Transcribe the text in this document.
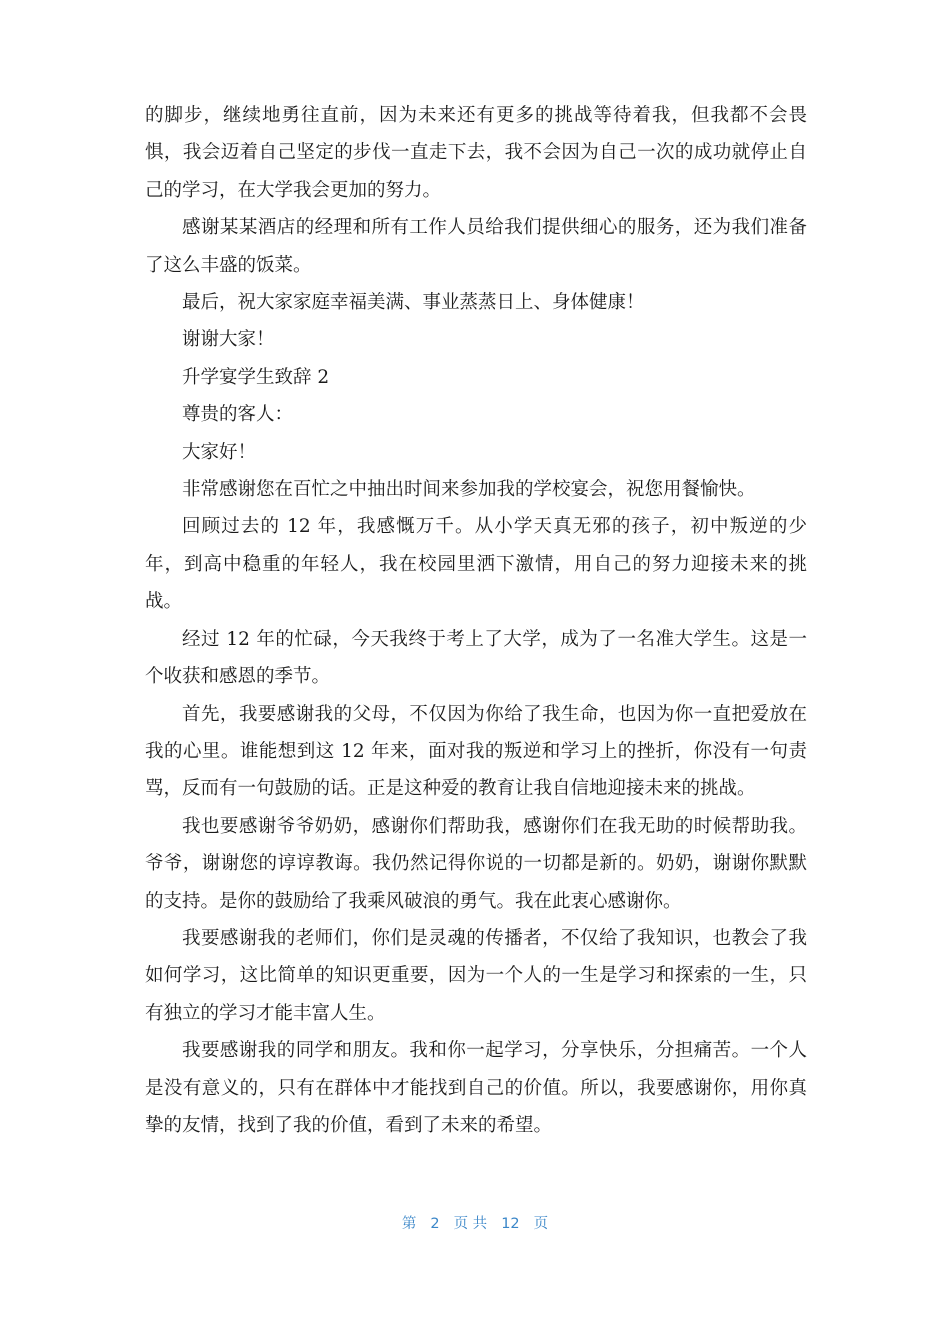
的脚步，继续地勇往直前，因为未来还有更多的挑战等待着我，但我都不会畏惧，我会迈着自己坚定的步伐一直走下去，我不会因为自己一次的成功就停止自己的学习，在大学我会更加的努力。

感谢某某酒店的经理和所有工作人员给我们提供细心的服务，还为我们准备了这么丰盛的饭菜。

最后，祝大家家庭幸福美满、事业蒸蒸日上、身体健康！

谢谢大家！

升学宴学生致辞 2

尊贵的客人：

大家好！

非常感谢您在百忙之中抽出时间来参加我的学校宴会，祝您用餐愉快。

回顾过去的 12 年，我感慨万千。从小学天真无邪的孩子，初中叛逆的少年，到高中稳重的年轻人，我在校园里洒下激情，用自己的努力迎接未来的挑战。

经过 12 年的忙碌，今天我终于考上了大学，成为了一名准大学生。这是一个收获和感恩的季节。

首先，我要感谢我的父母，不仅因为你给了我生命，也因为你一直把爱放在我的心里。谁能想到这 12 年来，面对我的叛逆和学习上的挫折，你没有一句责骂，反而有一句鼓励的话。正是这种爱的教育让我自信地迎接未来的挑战。

我也要感谢爷爷奶奶，感谢你们帮助我，感谢你们在我无助的时候帮助我。爷爷，谢谢您的谆谆教诲。我仍然记得你说的一切都是新的。奶奶，谢谢你默默的支持。是你的鼓励给了我乘风破浪的勇气。我在此衷心感谢你。

我要感谢我的老师们，你们是灵魂的传播者，不仅给了我知识，也教会了我如何学习，这比简单的知识更重要，因为一个人的一生是学习和探索的一生，只有独立的学习才能丰富人生。

我要感谢我的同学和朋友。我和你一起学习，分享快乐，分担痛苦。一个人是没有意义的，只有在群体中才能找到自己的价值。所以，我要感谢你，用你真挚的友情，找到了我的价值，看到了未来的希望。

第 2 页 共 12 页
